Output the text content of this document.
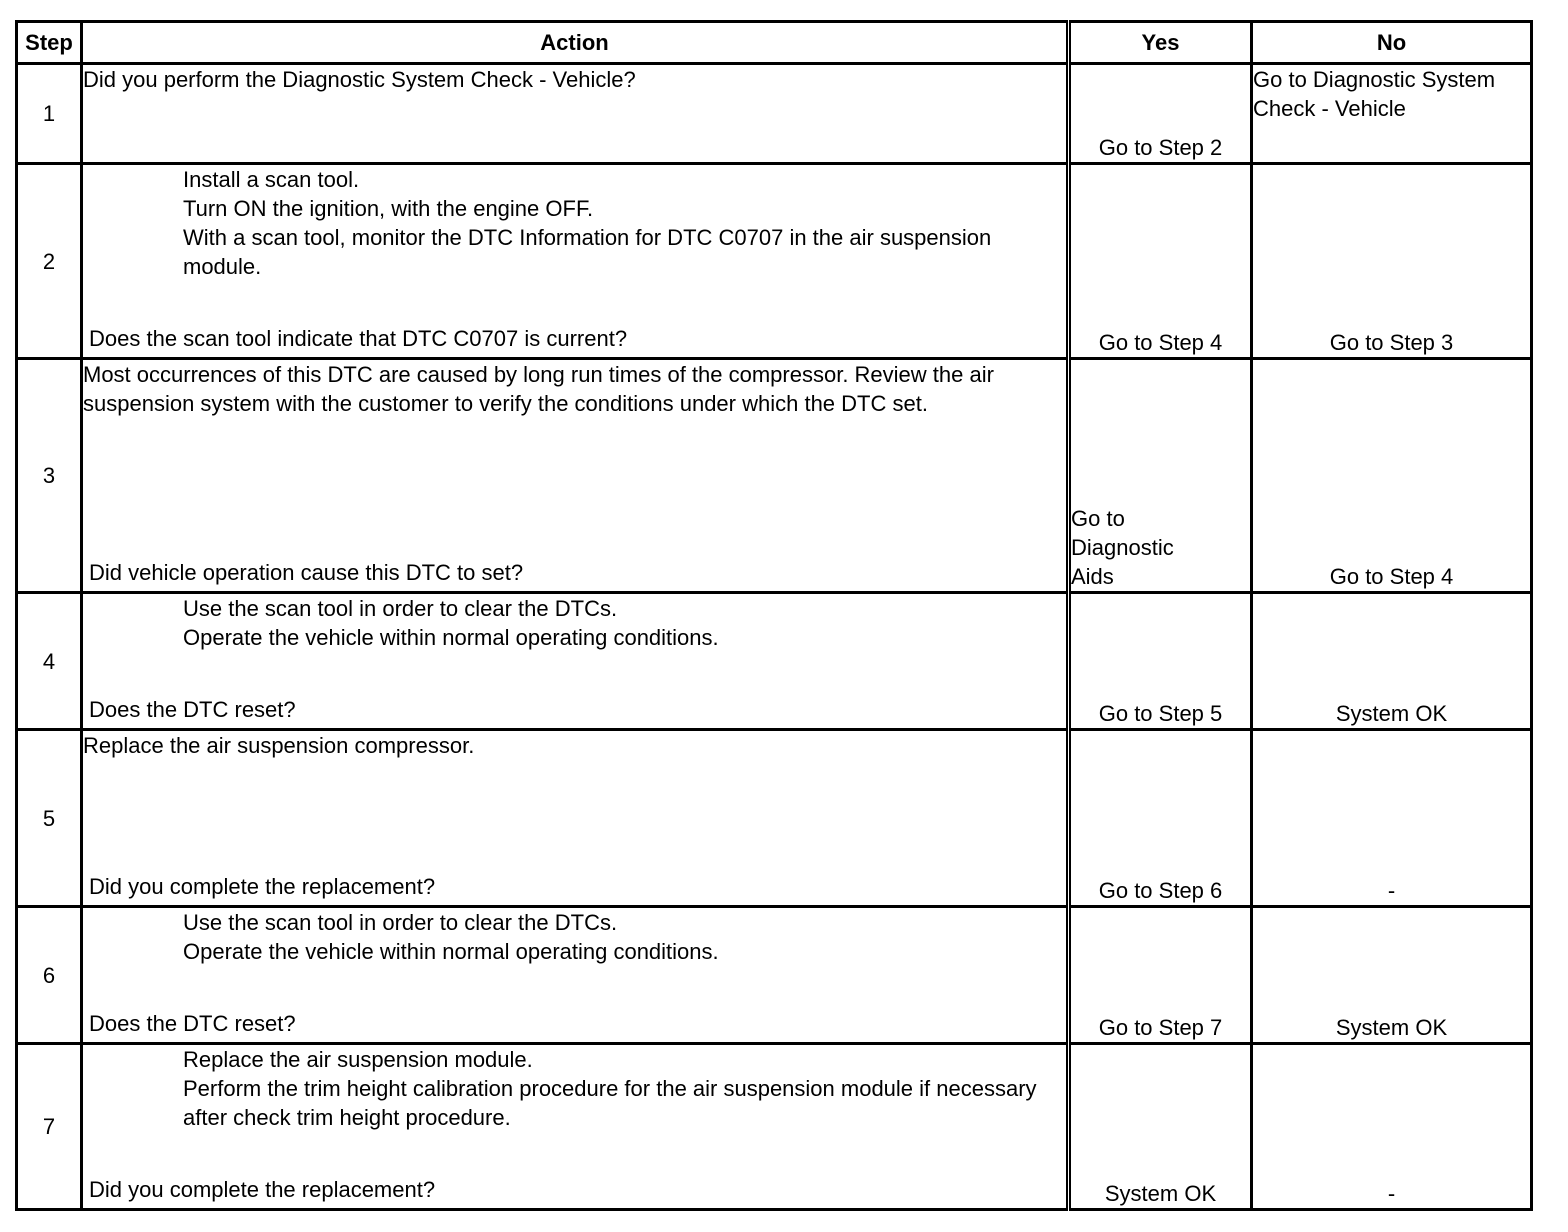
Step	Action	Yes	No
1	Did you perform the Diagnostic System Check - Vehicle?	Go to Step 2	Go to Diagnostic System Check - Vehicle
2	Install a scan tool.
Turn ON the ignition, with the engine OFF.
With a scan tool, monitor the DTC Information for DTC C0707 in the air suspension module.
Does the scan tool indicate that DTC C0707 is current?	Go to Step 4	Go to Step 3
3	Most occurrences of this DTC are caused by long run times of the compressor. Review the air suspension system with the customer to verify the conditions under which the DTC set.
Did vehicle operation cause this DTC to set?	Go to Diagnostic Aids	Go to Step 4
4	Use the scan tool in order to clear the DTCs.
Operate the vehicle within normal operating conditions.
Does the DTC reset?	Go to Step 5	System OK
5	Replace the air suspension compressor.
Did you complete the replacement?	Go to Step 6	-
6	Use the scan tool in order to clear the DTCs.
Operate the vehicle within normal operating conditions.
Does the DTC reset?	Go to Step 7	System OK
7	Replace the air suspension module.
Perform the trim height calibration procedure for the air suspension module if necessary after check trim height procedure.
Did you complete the replacement?	System OK	-
